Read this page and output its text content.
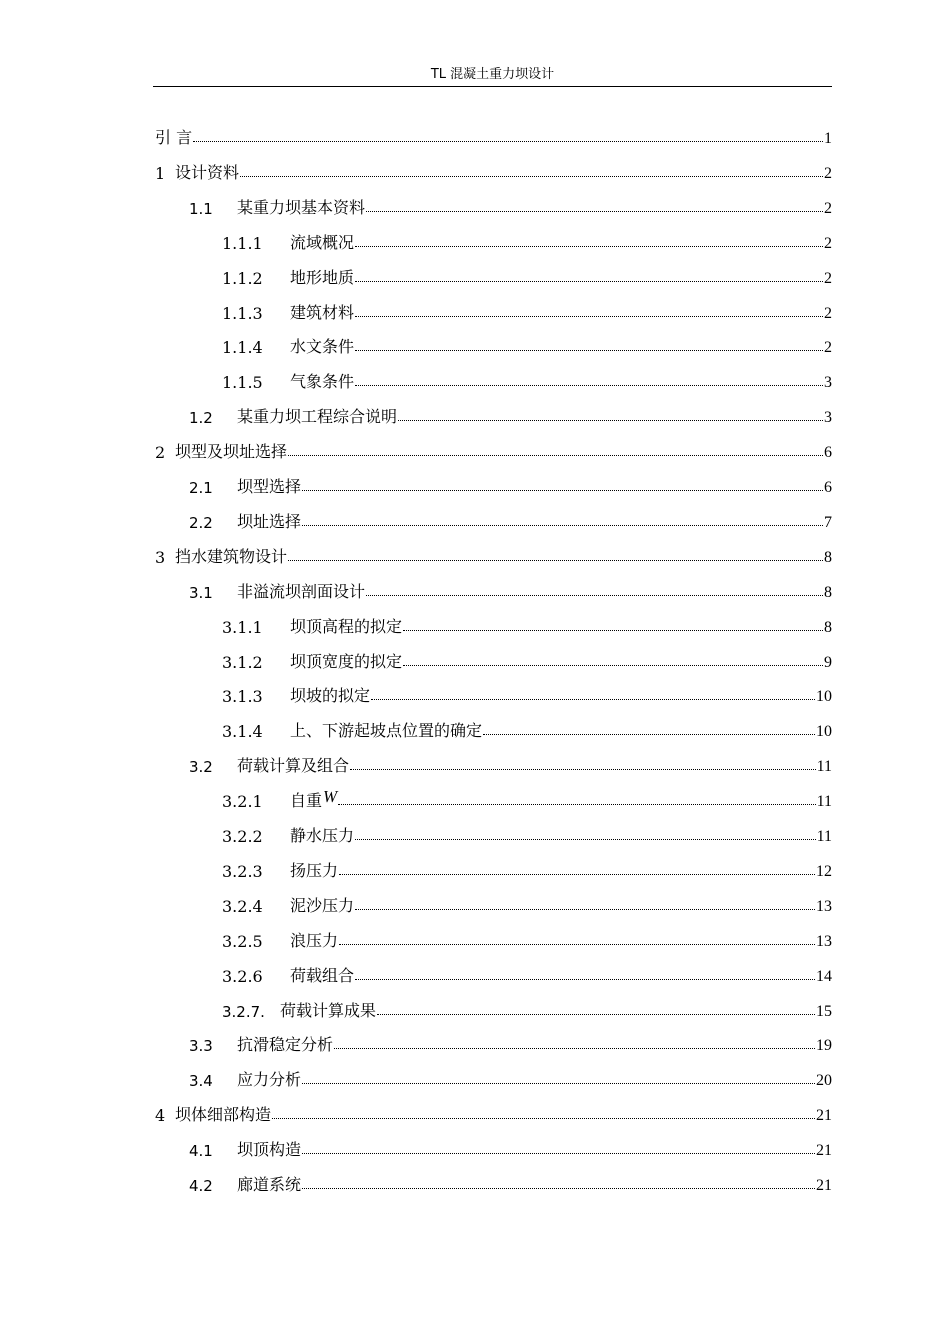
TL 混凝土重力坝设计
引 言	1
1 设计资料	2
1.1	某重力坝基本资料	2
1.1.1	流域概况	2
1.1.2	地形地质	2
1.1.3	建筑材料	2
1.1.4	水文条件	2
1.1.5	气象条件	3
1.2	某重力坝工程综合说明	3
2 坝型及坝址选择	6
2.1	坝型选择	6
2.2	坝址选择	7
3 挡水建筑物设计	8
3.1	非溢流坝剖面设计	8
3.1.1	坝顶高程的拟定	8
3.1.2	坝顶宽度的拟定	9
3.1.3	坝坡的拟定	10
3.1.4	上、下游起坡点位置的确定	10
3.2	荷载计算及组合	11
3.2.1	自重 W	11
3.2.2	静水压力	11
3.2.3	扬压力	12
3.2.4	泥沙压力	13
3.2.5	浪压力	13
3.2.6	荷载组合	14
3.2.7. 荷载计算成果	15
3.3	抗滑稳定分析	19
3.4	应力分析	20
4 坝体细部构造	21
4.1	坝顶构造	21
4.2	廊道系统	21
